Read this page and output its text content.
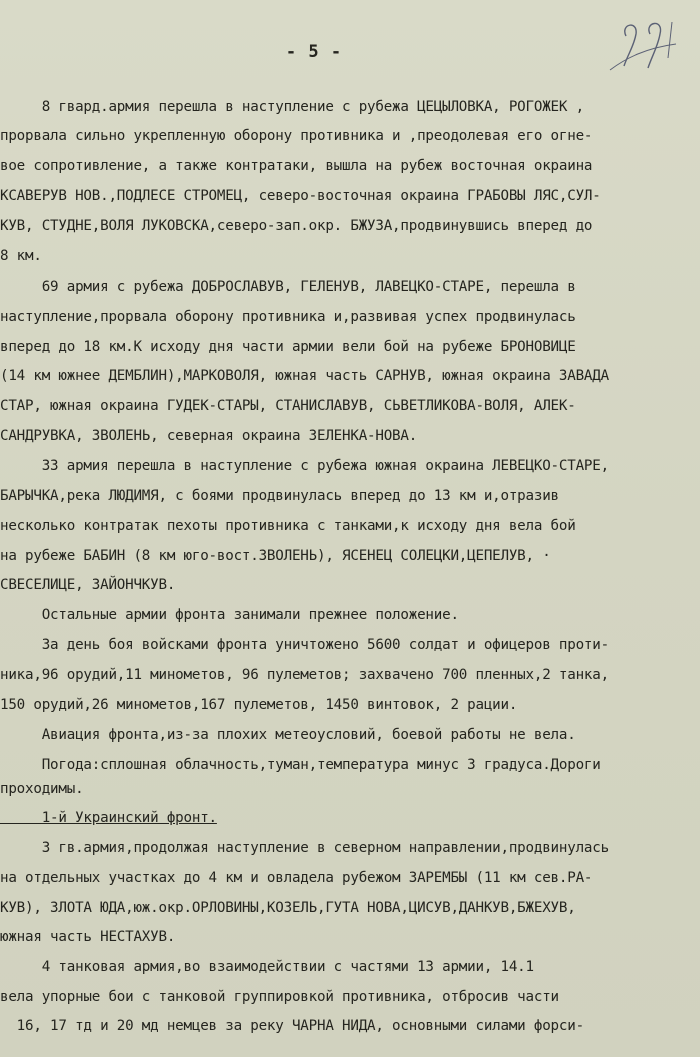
- 5 -
8 гвард.армия перешла в наступление с рубежа ЦЕЦЫЛОВКА, РОГОЖЕК ,
прорвала сильно укрепленную оборону противника и ,преодолевая его огне-
вое сопротивление, а также контратаки, вышла на рубеж восточная окраина
КСАВЕРУВ НОВ.,ПОДЛЕСЕ СТРОМЕЦ, северо-восточная окраина ГРАБОВЫ ЛЯС,СУЛ-
КУВ, СТУДНЕ,ВОЛЯ ЛУКОВСКА,северо-зап.окр. БЖУЗА,продвинувшись вперед до
8 км.
69 армия с рубежа ДОБРОСЛАВУВ, ГЕЛЕНУВ, ЛАВЕЦКО-СТАРЕ, перешла в
наступление,прорвала оборону противника и,развивая успех продвинулась
вперед до 18 км.К исходу дня части армии вели бой на рубеже БРОНОВИЦЕ
(14 км южнее ДЕМБЛИН),МАРКОВОЛЯ, южная часть САРНУВ, южная окраина ЗАВАДА
СТАР, южная окраина ГУДЕК-СТАРЫ, СТАНИСЛАВУВ, СЬВЕТЛИКОВА-ВОЛЯ, АЛЕК-
САНДРУВКА, ЗВОЛЕНЬ, северная окраина ЗЕЛЕНКА-НОВА.
33 армия перешла в наступление с рубежа южная окраина ЛЕВЕЦКО-СТАРЕ,
БАРЫЧКА,река ЛЮДИМЯ, с боями продвинулась вперед до 13 км и,отразив
несколько контратак пехоты противника с танками,к исходу дня вела бой
на рубеже БАБИН (8 км юго-вост.ЗВОЛЕНЬ), ЯСЕНЕЦ СОЛЕЦКИ,ЦЕПЕЛУВ, ·
СВЕСЕЛИЦЕ, ЗАЙОНЧКУВ.
Остальные армии фронта занимали прежнее положение.
За день боя войсками фронта уничтожено 5600 солдат и офицеров проти-
ника,96 орудий,11 минометов, 96 пулеметов; захвачено 700 пленных,2 танка,
150 орудий,26 минометов,167 пулеметов, 1450 винтовок, 2 рации.
Авиация фронта,из-за плохих метеоусловий, боевой работы не вела.
Погода:сплошная облачность,туман,температура минус 3 градуса.Дороги
проходимы.
1-й Украинский фронт.
3 гв.армия,продолжая наступление в северном направлении,продвинулась
на отдельных участках до 4 км и овладела рубежом ЗАРЕМБЫ (11 км сев.РА-
КУВ), ЗЛОТА ЮДА,юж.окр.ОРЛОВИНЫ,КОЗЕЛЬ,ГУТА НОВА,ЦИСУВ,ДАНКУВ,БЖЕХУВ,
южная часть НЕСТАХУВ.
4 танковая армия,во взаимодействии с частями 13 армии, 14.1
вела упорные бои с танковой группировкой противника, отбросив части
16, 17 тд и 20 мд немцев за реку ЧАРНА НИДА, основными силами форси-
